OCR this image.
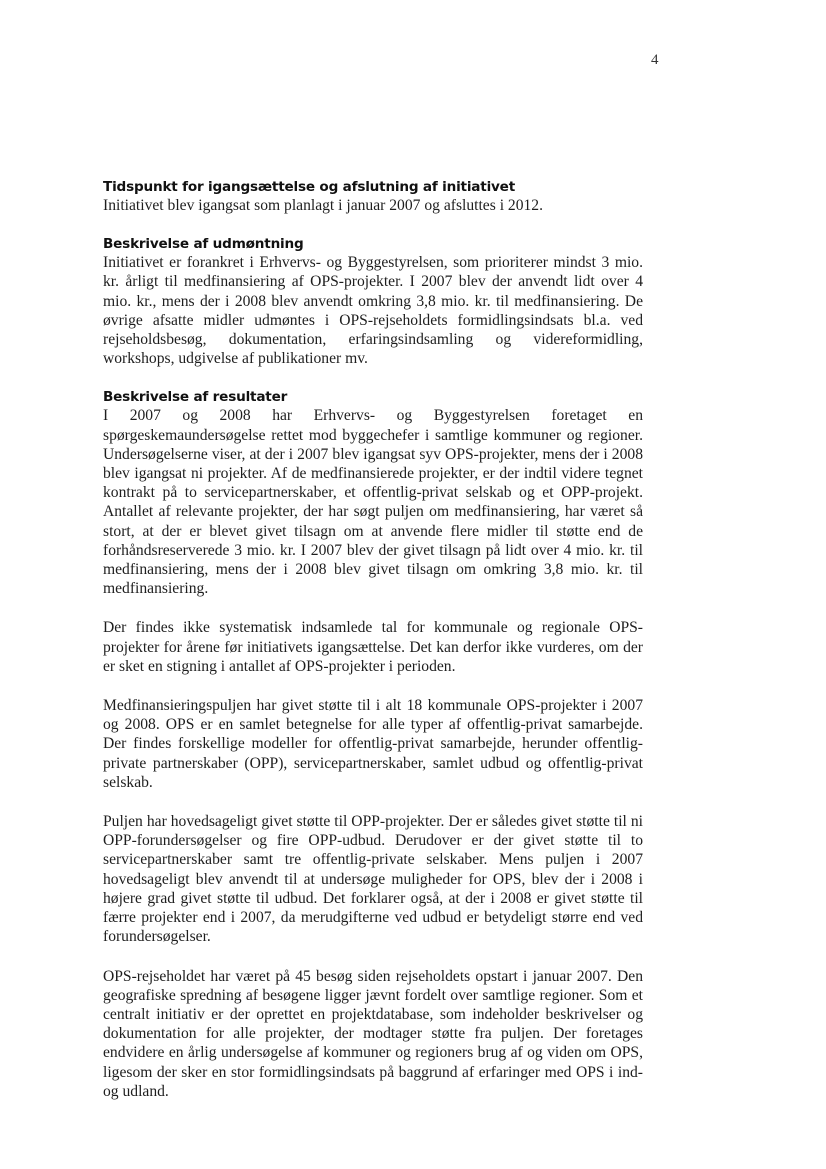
4
Tidspunkt for igangsættelse og afslutning af initiativet

Initiativet blev igangsat som planlagt i januar 2007 og afsluttes i 2012.

Beskrivelse af udmøntning

Initiativet er forankret i Erhvervs- og Byggestyrelsen, som prioriterer mindst 3 mio. kr. årligt til medfinansiering af OPS-projekter. I 2007 blev der anvendt lidt over 4 mio. kr., mens der i 2008 blev anvendt omkring 3,8 mio. kr. til medfinansiering. De øvrige afsatte midler udmøntes i OPS-rejseholdets formidlingsindsats bl.a. ved rejseholdsbesøg, dokumentation, erfaringsindsamling og videreformidling, workshops, udgivelse af publikationer mv.

Beskrivelse af resultater

I 2007 og 2008 har Erhvervs- og Byggestyrelsen foretaget en spørgeskemaundersøgelse rettet mod byggechefer i samtlige kommuner og regioner. Undersøgelserne viser, at der i 2007 blev igangsat syv OPS-projekter, mens der i 2008 blev igangsat ni projekter. Af de medfinansierede projekter, er der indtil videre tegnet kontrakt på to servicepartnerskaber, et offentlig-privat selskab og et OPP-projekt. Antallet af relevante projekter, der har søgt puljen om medfinansiering, har været så stort, at der er blevet givet tilsagn om at anvende flere midler til støtte end de forhåndsreserverede 3 mio. kr. I 2007 blev der givet tilsagn på lidt over 4 mio. kr. til medfinansiering, mens der i 2008 blev givet tilsagn om omkring 3,8 mio. kr. til medfinansiering.

Der findes ikke systematisk indsamlede tal for kommunale og regionale OPS-projekter for årene før initiativets igangsættelse. Det kan derfor ikke vurderes, om der er sket en stigning i antallet af OPS-projekter i perioden.

Medfinansieringspuljen har givet støtte til i alt 18 kommunale OPS-projekter i 2007 og 2008. OPS er en samlet betegnelse for alle typer af offentlig-privat samarbejde. Der findes forskellige modeller for offentlig-privat samarbejde, herunder offentlig-private partnerskaber (OPP), servicepartnerskaber, samlet udbud og offentlig-privat selskab.

Puljen har hovedsageligt givet støtte til OPP-projekter. Der er således givet støtte til ni OPP-forundersøgelser og fire OPP-udbud. Derudover er der givet støtte til to servicepartnerskaber samt tre offentlig-private selskaber. Mens puljen i 2007 hovedsageligt blev anvendt til at undersøge muligheder for OPS, blev der i 2008 i højere grad givet støtte til udbud. Det forklarer også, at der i 2008 er givet støtte til færre projekter end i 2007, da merudgifterne ved udbud er betydeligt større end ved forundersøgelser.

OPS-rejseholdet har været på 45 besøg siden rejseholdets opstart i januar 2007. Den geografiske spredning af besøgene ligger jævnt fordelt over samtlige regioner. Som et centralt initiativ er der oprettet en projektdatabase, som indeholder beskrivelser og dokumentation for alle projekter, der modtager støtte fra puljen. Der foretages endvidere en årlig undersøgelse af kommuner og regioners brug af og viden om OPS, ligesom der sker en stor formidlingsindsats på baggrund af erfaringer med OPS i ind- og udland.
